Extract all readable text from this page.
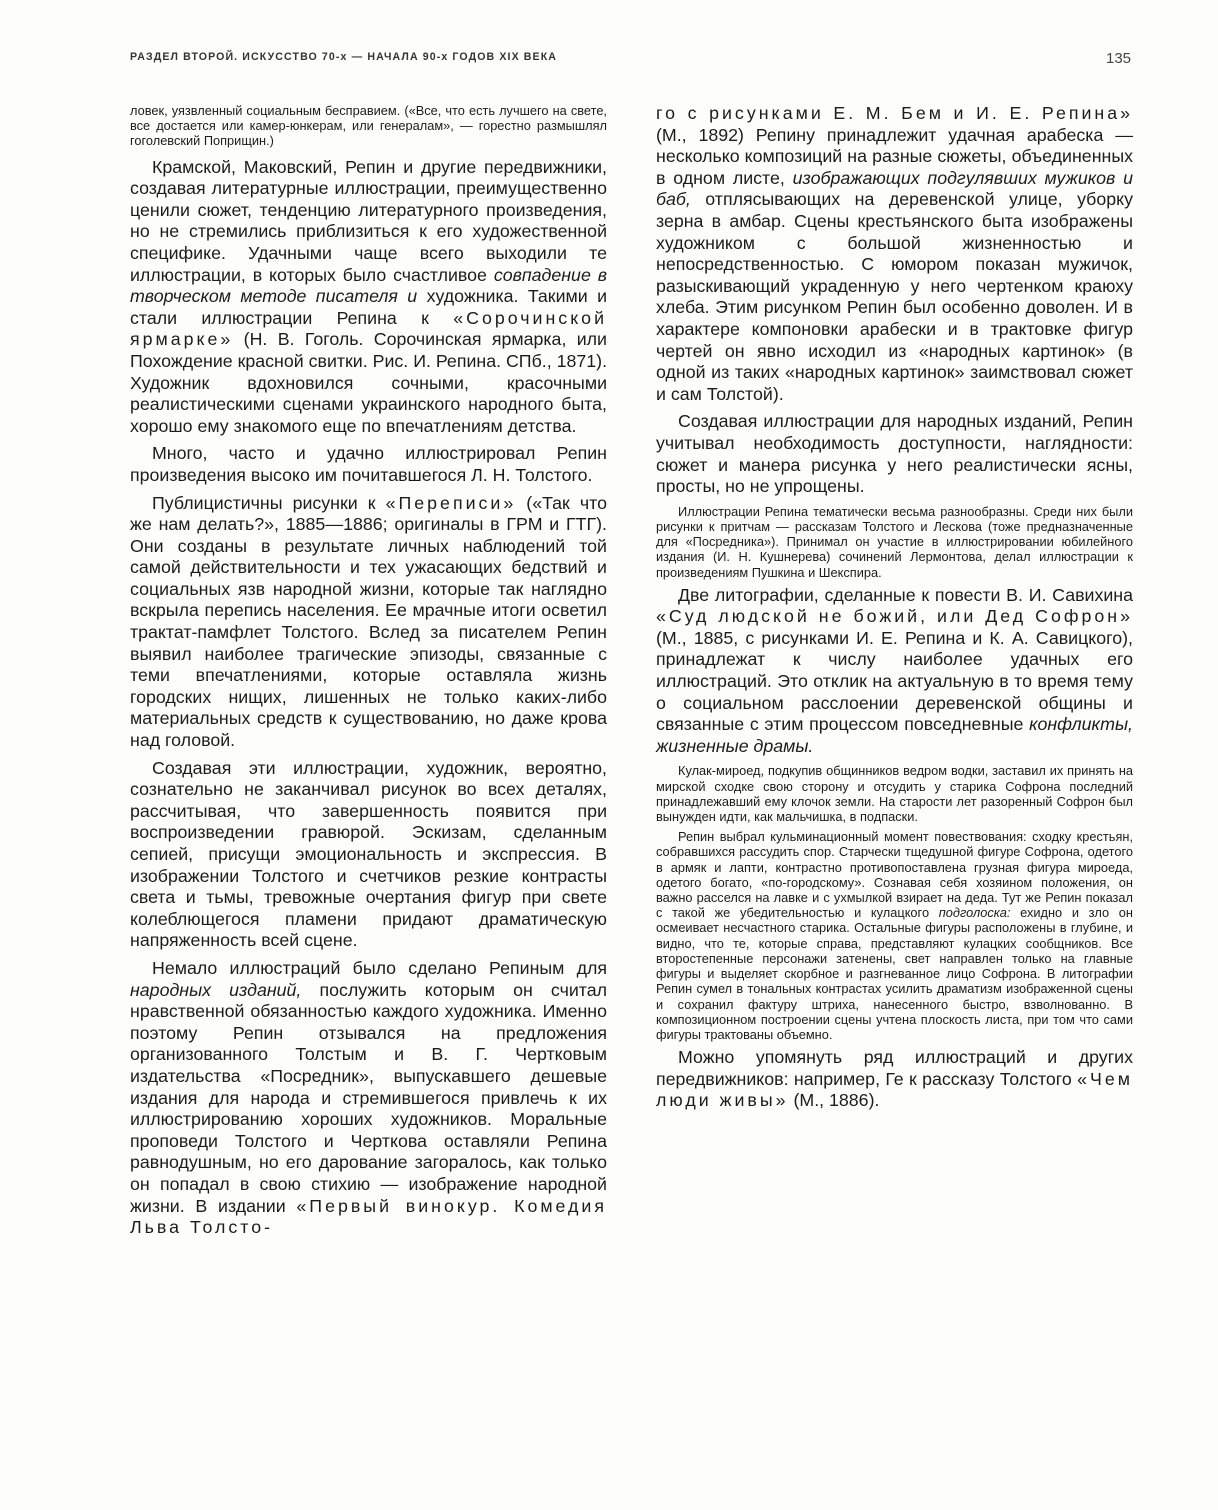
РАЗДЕЛ ВТОРОЙ. ИСКУССТВО 70-х — НАЧАЛА 90-х ГОДОВ XIX ВЕКА	135

ловек, уязвленный социальным бесправием. («Все, что есть лучшего на свете, все достается или камер-юнкерам, или генералам», — горестно размышлял гоголевский Поприщин.)

Крамской, Маковский, Репин и другие передвижники, создавая литературные иллюстрации, преимущественно ценили сюжет, тенденцию литературного произведения, но не стремились приблизиться к его художественной специфике. Удачными чаще всего выходили те иллюстрации, в которых было счастливое совпадение в творческом методе писателя и художника. Такими и стали иллюстрации Репина к «Сорочинской ярмарке» (Н. В. Гоголь. Сорочинская ярмарка, или Похождение красной свитки. Рис. И. Репина. СПб., 1871). Художник вдохновился сочными, красочными реалистическими сценами украинского народного быта, хорошо ему знакомого еще по впечатлениям детства.

Много, часто и удачно иллюстрировал Репин произведения высоко им почитавшегося Л. Н. Толстого.

Публицистичны рисунки к «Переписи» («Так что же нам делать?», 1885—1886; оригиналы в ГРМ и ГТГ). Они созданы в результате личных наблюдений той самой действительности и тех ужасающих бедствий и социальных язв народной жизни, которые так наглядно вскрыла перепись населения. Ее мрачные итоги осветил трактат-памфлет Толстого. Вслед за писателем Репин выявил наиболее трагические эпизоды, связанные с теми впечатлениями, которые оставляла жизнь городских нищих, лишенных не только каких-либо материальных средств к существованию, но даже крова над головой.

Создавая эти иллюстрации, художник, вероятно, сознательно не заканчивал рисунок во всех деталях, рассчитывая, что завершенность появится при воспроизведении гравюрой. Эскизам, сделанным сепией, присущи эмоциональность и экспрессия. В изображении Толстого и счетчиков резкие контрасты света и тьмы, тревожные очертания фигур при свете колеблющегося пламени придают драматическую напряженность всей сцене.

Немало иллюстраций было сделано Репиным для народных изданий, послужить которым он считал нравственной обязанностью каждого художника. Именно поэтому Репин отзывался на предложения организованного Толстым и В. Г. Чертковым издательства «Посредник», выпускавшего дешевые издания для народа и стремившегося привлечь к их иллюстрированию хороших художников. Моральные проповеди Толстого и Черткова оставляли Репина равнодушным, но его дарование загоралось, как только он попадал в свою стихию — изображение народной жизни. В издании «Первый винокур. Комедия Льва Толсто-

го с рисунками Е. М. Бем и И. Е. Репина» (М., 1892) Репину принадлежит удачная арабеска — несколько композиций на разные сюжеты, объединенных в одном листе, изображающих подгулявших мужиков и баб, отплясывающих на деревенской улице, уборку зерна в амбар. Сцены крестьянского быта изображены художником с большой жизненностью и непосредственностью. С юмором показан мужичок, разыскивающий украденную у него чертенком краюху хлеба. Этим рисунком Репин был особенно доволен. И в характере компоновки арабески и в трактовке фигур чертей он явно исходил из «народных картинок» (в одной из таких «народных картинок» заимствовал сюжет и сам Толстой).

Создавая иллюстрации для народных изданий, Репин учитывал необходимость доступности, наглядности: сюжет и манера рисунка у него реалистически ясны, просты, но не упрощены.

Иллюстрации Репина тематически весьма разнообразны. Среди них были рисунки к притчам — рассказам Толстого и Лескова (тоже предназначенные для «Посредника»). Принимал он участие в иллюстрировании юбилейного издания (И. Н. Кушнерева) сочинений Лермонтова, делал иллюстрации к произведениям Пушкина и Шекспира.

Две литографии, сделанные к повести В. И. Савихина «Суд людской не божий, или Дед Софрон» (М., 1885, с рисунками И. Е. Репина и К. А. Савицкого), принадлежат к числу наиболее удачных его иллюстраций. Это отклик на актуальную в то время тему о социальном расслоении деревенской общины и связанные с этим процессом повседневные конфликты, жизненные драмы.

Кулак-мироед, подкупив общинников ведром водки, заставил их принять на мирской сходке свою сторону и отсудить у старика Софрона последний принадлежавший ему клочок земли. На старости лет разоренный Софрон был вынужден идти, как мальчишка, в подпаски.

Репин выбрал кульминационный момент повествования: сходку крестьян, собравшихся рассудить спор. Старчески тщедушной фигуре Софрона, одетого в армяк и лапти, контрастно противопоставлена грузная фигура мироеда, одетого богато, «по-городскому». Сознавая себя хозяином положения, он важно расселся на лавке и с ухмылкой взирает на деда. Тут же Репин показал с такой же убедительностью и кулацкого подголоска: ехидно и зло он осмеивает несчастного старика. Остальные фигуры расположены в глубине, и видно, что те, которые справа, представляют кулацких сообщников. Все второстепенные персонажи затенены, свет направлен только на главные фигуры и выделяет скорбное и разгневанное лицо Софрона. В литографии Репин сумел в тональных контрастах усилить драматизм изображенной сцены и сохранил фактуру штриха, нанесенного быстро, взволнованно. В композиционном построении сцены учтена плоскость листа, при том что сами фигуры трактованы объемно.

Можно упомянуть ряд иллюстраций и других передвижников: например, Ге к рассказу Толстого «Чем люди живы» (М., 1886).
